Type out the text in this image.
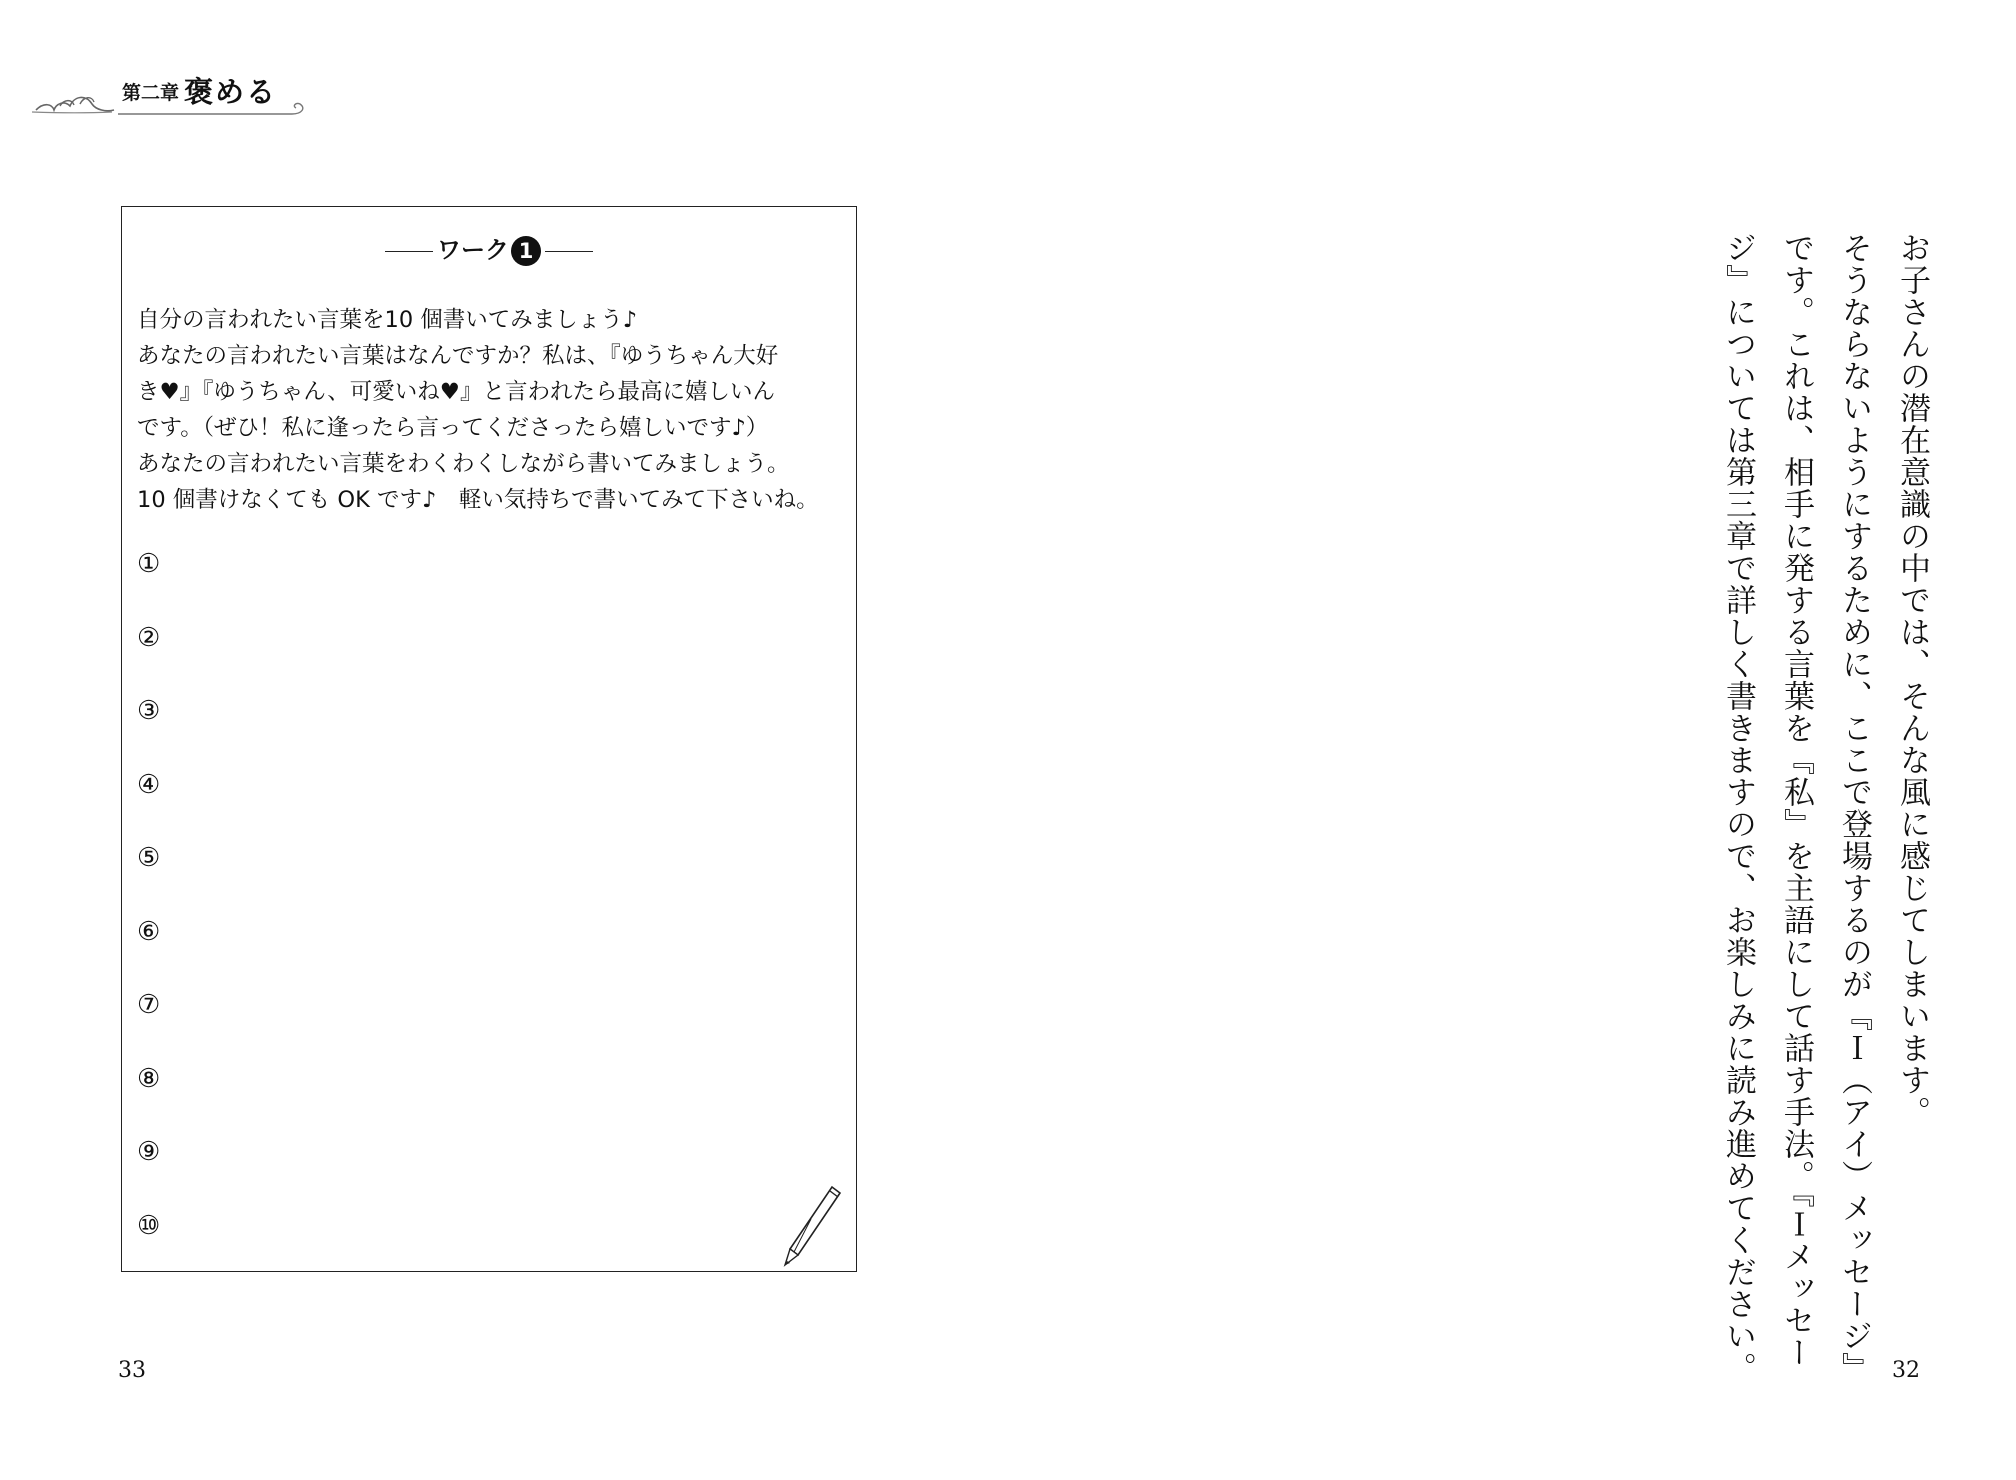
第二章 褒める
ワーク 1

自分の言われたい言葉を10 個書いてみましょう♪

あなたの言われたい言葉はなんですか？私は、『ゆうちゃん大好

き♥』『ゆうちゃん、可愛いね♥』と言われたら最高に嬉しいん

です。（ぜひ！私に逢ったら言ってくださったら嬉しいです♪）

あなたの言われたい言葉をわくわくしながら書いてみましょう。

10 個書けなくても OK です♪　軽い気持ちで書いてみて下さいね。

①
②
③
④
⑤
⑥
⑦
⑧
⑨
⑩
33	32

お子さんの潜在意識の中では、そんな風に感じてしまいます。

そうならないようにするために、ここで登場するのが『Ｉ（アイ）メッセージ』

です。これは、相手に発する言葉を『私』を主語にして話す手法。『Ｉメッセー

ジ』については第三章で詳しく書きますので、お楽しみに読み進めてください。
